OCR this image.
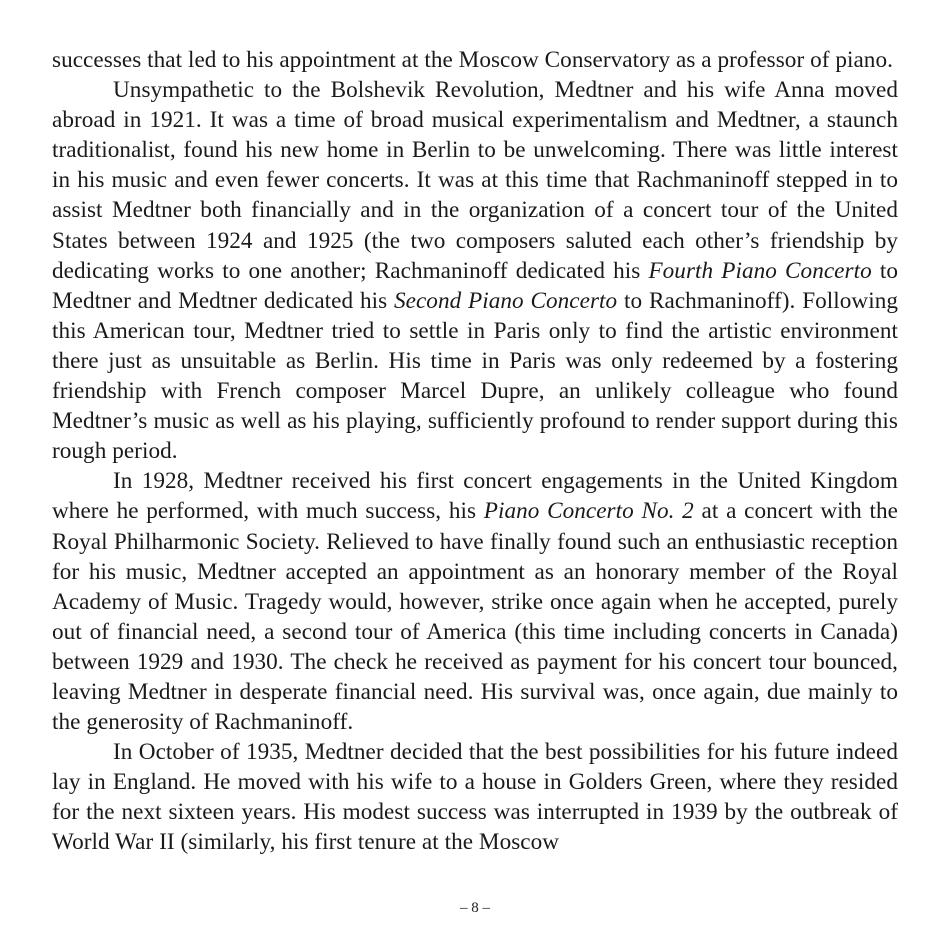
successes that led to his appointment at the Moscow Conservatory as a professor of piano.

Unsympathetic to the Bolshevik Revolution, Medtner and his wife Anna moved abroad in 1921. It was a time of broad musical experimentalism and Medtner, a staunch traditionalist, found his new home in Berlin to be unwelcoming. There was little interest in his music and even fewer concerts. It was at this time that Rachmaninoff stepped in to assist Medtner both financially and in the organization of a concert tour of the United States between 1924 and 1925 (the two composers saluted each other’s friendship by dedicating works to one another; Rachmaninoff dedicated his Fourth Piano Concerto to Medtner and Medtner dedicated his Second Piano Concerto to Rachmaninoff). Following this American tour, Medtner tried to settle in Paris only to find the artistic environment there just as unsuitable as Berlin. His time in Paris was only redeemed by a fostering friendship with French composer Marcel Dupre, an unlikely colleague who found Medtner’s music as well as his playing, sufficiently profound to render support during this rough period.

In 1928, Medtner received his first concert engagements in the United Kingdom where he performed, with much success, his Piano Concerto No. 2 at a concert with the Royal Philharmonic Society. Relieved to have finally found such an enthusiastic reception for his music, Medtner accepted an appointment as an honorary member of the Royal Academy of Music. Tragedy would, however, strike once again when he accepted, purely out of financial need, a second tour of America (this time including concerts in Canada) between 1929 and 1930. The check he received as payment for his concert tour bounced, leaving Medtner in desperate financial need. His survival was, once again, due mainly to the generosity of Rachmaninoff.

In October of 1935, Medtner decided that the best possibilities for his future indeed lay in England. He moved with his wife to a house in Golders Green, where they resided for the next sixteen years. His modest success was interrupted in 1939 by the outbreak of World War II (similarly, his first tenure at the Moscow

– 8 –
